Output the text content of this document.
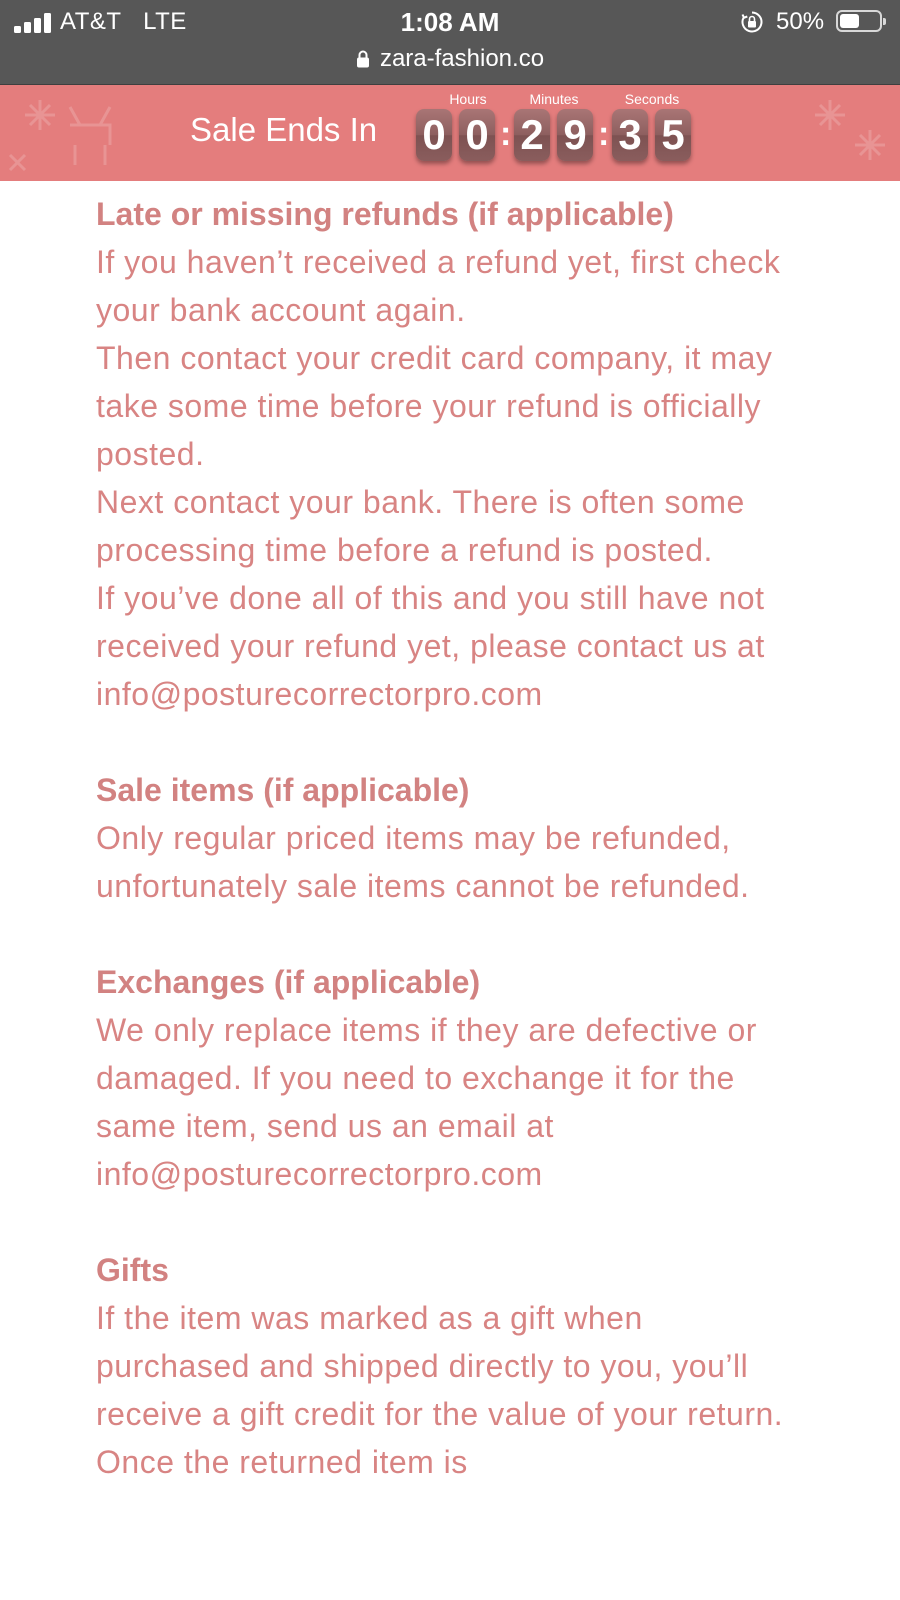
AT&T LTE	1:08 AM	50%
zara-fashion.co
Sale Ends In
Hours	Minutes	Seconds
0 0 : 2 9 : 3 5
Late or missing refunds (if applicable)

If you haven’t received a refund yet, first check your bank account again.

Then contact your credit card company, it may take some time before your refund is officially posted.

Next contact your bank. There is often some processing time before a refund is posted.

If you’ve done all of this and you still have not received your refund yet, please contact us at info@posturecorrectorpro.com

Sale items (if applicable)

Only regular priced items may be refunded, unfortunately sale items cannot be refunded.

Exchanges (if applicable)

We only replace items if they are defective or damaged. If you need to exchange it for the same item, send us an email at info@posturecorrectorpro.com

Gifts

If the item was marked as a gift when purchased and shipped directly to you, you’ll receive a gift credit for the value of your return. Once the returned item is
